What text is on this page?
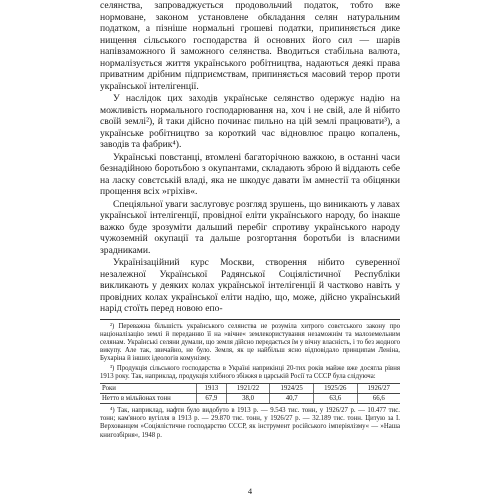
селянства, запроваджується продовольчий податок, тобто вже нормоване, законом установлене обкладання селян натуральним податком, а пізніше нормальні грошеві податки, припиняється дике нищення сільського господарства й основних його сил — шарів напівзаможного й заможного селянства. Вводиться стабільна валюта, нормалізується життя українського робітництва, надаються деякі права приватним дрібним підприємствам, припиняється масовий терор проти української інтелігенції.

У наслідок цих заходів українське селянство одержує надію на можливість нормального господарювання на, хоч і не свій, але й нібито своїй землі²), й таки дійсно починає пильно на цій землі працювати³), а українське робітництво за короткий час відновлює працю копалень, заводів та фабрик⁴).

Українські повстанці, втомлені багаторічною важкою, в останні часи безнадійною боротьбою з окупантами, складають зброю й віддають себе на ласку совєтській владі, яка не шкодує давати їм амнестії та обіцянки прощення всіх »гріхів«.

Спеціяльної уваги заслуговує розгляд зрушень, що виникають у лавах української інтелігенції, провідної еліти українського народу, бо інакше важко буде зрозуміти дальший перебіг спротиву українського народу чужоземній окупації та дальше розгортання боротьби із власними зрадниками.

Українізаційний курс Москви, створення нібито суверенної незалежної Української Радянської Соціялістичної Республіки викликають у деяких колах української інтелігенції й частково навіть у провідних колах української еліти надію, що, може, дійсно український нарід стоїть перед новою епо-

²) Переважна більшість українського селянства не розуміла хитрого совєтського закону про націоналізацію землі й переданню її на »вічне« землекористування незаможнім та малоземельним селянам. Українські селяни думали, що земля дійсно передається їм у вічну власність, і то без жодного викупу. Але так, звичайно, не було. Земля, як це найбільш ясно відповідало принципам Леніна, Бухаріна й інших ідеологів комунізму.

³) Продукція сільського господарства в Україні наприкінці 20-тих років майже вже досягла рівня 1913 року. Так, наприклад, продукція хлібного збіжжя в царській Росії та СССР була слідуюча:

Роки	1913	1921/22	1924/25	1925/26	1926/27
Нетто в мільйонах тонн	67,9	38,0	40,7	63,6	66,6

⁴) Так, наприклад, нафти було видобуто в 1913 р. — 9.543 тис. тонн, у 1926/27 р. — 10.477 тис. тонн; кам'яного вугілля в 1913 р. — 29.870 тис. тонн, у 1926/27 р. — 32.189 тис. тонн. Цитую за І. Верхованцем »Соціялістичне господарство СССР, як інструмент російського імперіялізму« — »Наша книгозбірня«, 1948 р.

4
